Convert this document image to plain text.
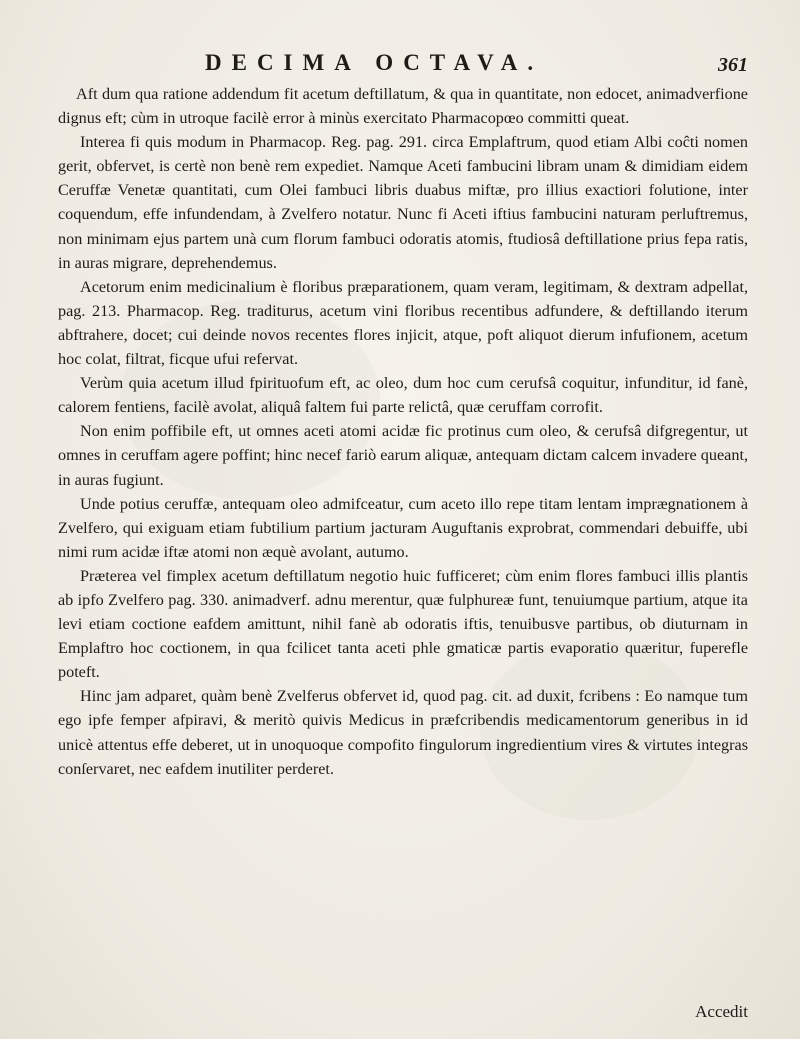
DECIMA OCTAVA.	361

Aft dum qua ratione addendum fit acetum deftillatum, & qua in quantitate, non edocet, animadverfione dignus eft; cùm in utroque facilè error à minùs exercitato Pharmacopœo committi queat.

Interea fi quis modum in Pharmacop. Reg. pag. 291. circa Emplaftrum, quod etiam Albi coĉti nomen gerit, obfervet, is certè non benè rem expediet. Namque Aceti fambucini libram unam & dimidiam eidem Ceruffæ Venetæ quantitati, cum Olei fambuci libris duabus miftæ, pro illius exactiori folutione, inter coquendum, effe infundendam, à Zvelfero notatur. Nunc fi Aceti iftius fambucini naturam perluftremus, non minimam ejus partem unà cum florum fambuci odoratis atomis, ftudiosâ deftillatione prius fepa ratis, in auras migrare, deprehendemus.

Acetorum enim medicinalium è floribus præparationem, quam veram, legitimam, & dextram adpellat, pag. 213. Pharmacop. Reg. traditurus, acetum vini floribus recentibus adfundere, & deftillando iterum abftrahere, docet; cui deinde novos recentes flores injicit, atque, poft aliquot dierum infufionem, acetum hoc colat, filtrat, ficque ufui refervat.

Verùm quia acetum illud fpirituofum eft, ac oleo, dum hoc cum cerufsâ coquitur, infunditur, id fanè, calorem fentiens, facilè avolat, aliquâ faltem fui parte relictâ, quæ ceruffam corrofit.

Non enim poffibile eft, ut omnes aceti atomi acidæ fic protinus cum oleo, & cerufsâ difgregentur, ut omnes in ceruffam agere poffint; hinc necef fariò earum aliquæ, antequam dictam calcem invadere queant, in auras fugiunt.

Unde potius ceruffæ, antequam oleo admifceatur, cum aceto illo repe titam lentam imprægnationem à Zvelfero, qui exiguam etiam fubtilium partium jacturam Auguftanis exprobrat, commendari debuiffe, ubi nimi rum acidæ iftæ atomi non æquè avolant, autumo.

Præterea vel fimplex acetum deftillatum negotio huic fufficeret; cùm enim flores fambuci illis plantis ab ipfo Zvelfero pag. 330. animadverf. adnu merentur, quæ fulphureæ funt, tenuiumque partium, atque ita levi etiam coctione eafdem amittunt, nihil fanè ab odoratis iftis, tenuibusve partibus, ob diuturnam in Emplaftro hoc coctionem, in qua fcilicet tanta aceti phle gmaticæ partis evaporatio quæritur, fuperefle poteft.

Hinc jam adparet, quàm benè Zvelferus obfervet id, quod pag. cit. ad duxit, fcribens : Eo namque tum ego ipfe femper afpiravi, & meritò quivis Medicus in præfcribendis medicamentorum generibus in id unicè attentus effe deberet, ut in unoquoque compofito fingulorum ingredientium vires & virtutes integras conſervaret, nec eafdem inutiliter perderet.

Accedit
